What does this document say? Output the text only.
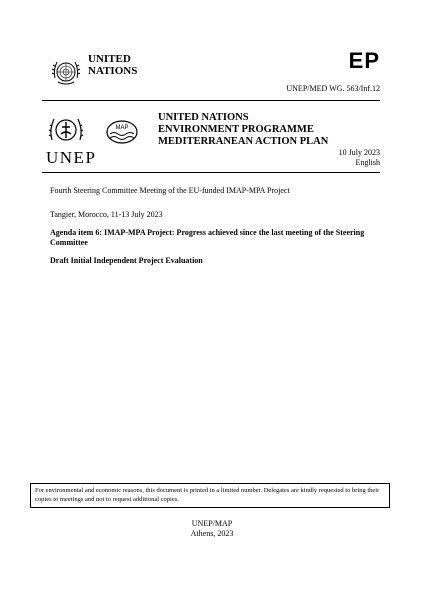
UNITED
NATIONS	EP
UNEP/MED WG. 563/Inf.12
MAP
UNEP
UNITED NATIONS
ENVIRONMENT PROGRAMME
MEDITERRANEAN ACTION PLAN
10 July 2023
English
Fourth Steering Committee Meeting of the EU-funded IMAP-MPA Project
Tangier, Morocco, 11-13 July 2023
Agenda item 6: IMAP-MPA Project: Progress achieved since the last meeting of the Steering Committee
Draft Initial Independent Project Evaluation
For environmental and economic reasons, this document is printed in a limited number. Delegates are kindly requested to bring their copies to meetings and not to request additional copies.
UNEP/MAP
Athens, 2023
